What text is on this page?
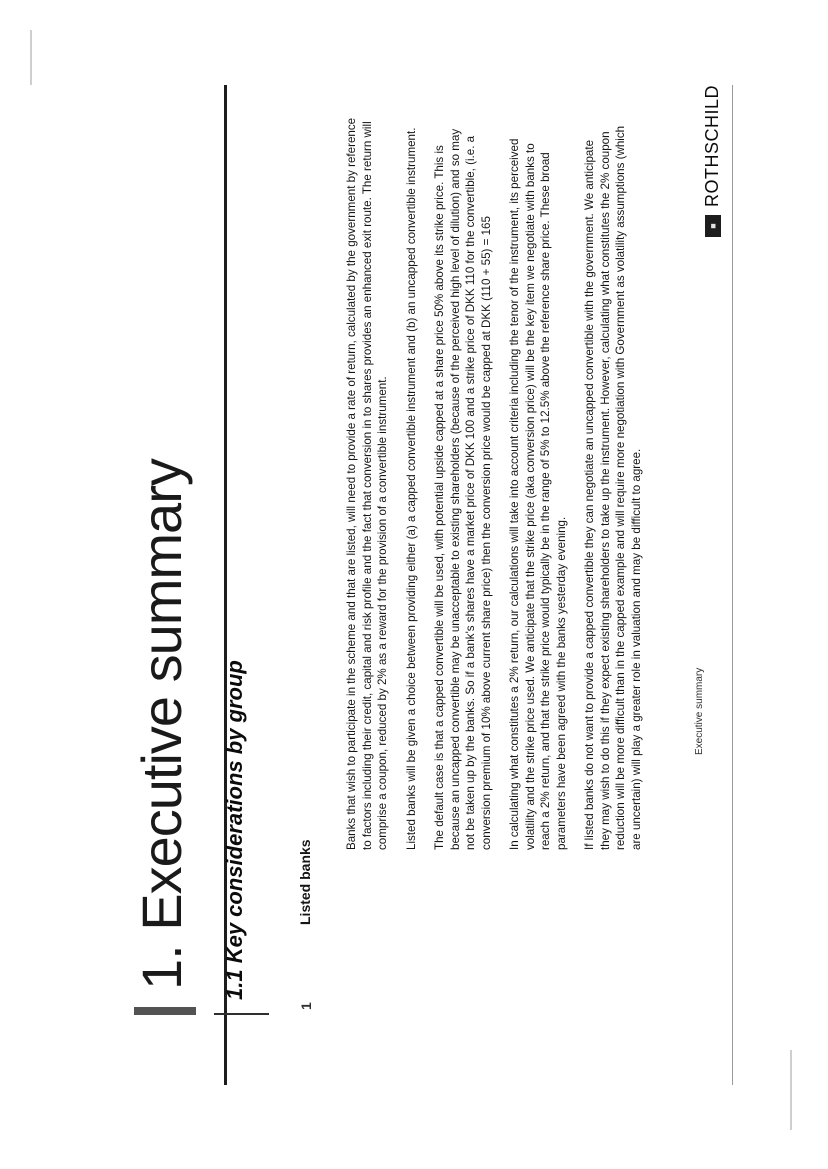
1. Executive summary 1.1 Key considerations by group
1
Listed banks

Banks that wish to participate in the scheme and that are listed, will need to provide a rate of return, calculated by the government by reference to factors including their credit, capital and risk profile and the fact that conversion in to shares provides an enhanced exit route. The return will comprise a coupon, reduced by 2% as a reward for the provision of a convertible instrument. Listed banks will be given a choice between providing either (a) a capped convertible instrument and (b) an uncapped convertible instrument. The default case is that a capped convertible will be used, with potential upside capped at a share price 50% above its strike price. This is because an uncapped convertible may be unacceptable to existing shareholders (because of the perceived high level of dilution) and so may not be taken up by the banks. So if a bank's shares have a market price of DKK 100 and a strike price of DKK 110 for the convertible, (i.e. a conversion premium of 10% above current share price) then the conversion price would be capped at DKK (110 + 55) = 165 In calculating what constitutes a 2% return, our calculations will take into account criteria including the tenor of the instrument, its perceived volatility and the strike price used. We anticipate that the strike price (aka conversion price) will be the key item we negotiate with banks to reach a 2% return, and that the strike price would typically be in the range of 5% to 12.5% above the reference share price. These broad parameters have been agreed with the banks yesterday evening. If listed banks do not want to provide a capped convertible they can negotiate an uncapped convertible with the government. We anticipate they may wish to do this if they expect existing shareholders to take up the instrument. However, calculating what constitutes the 2% coupon reduction will be more difficult than in the capped example and will require more negotiation with Government as volatility assumptions (which are uncertain) will play a greater role in valuation and may be difficult to agree.	Executive summary
■
ROTHSCHILD
